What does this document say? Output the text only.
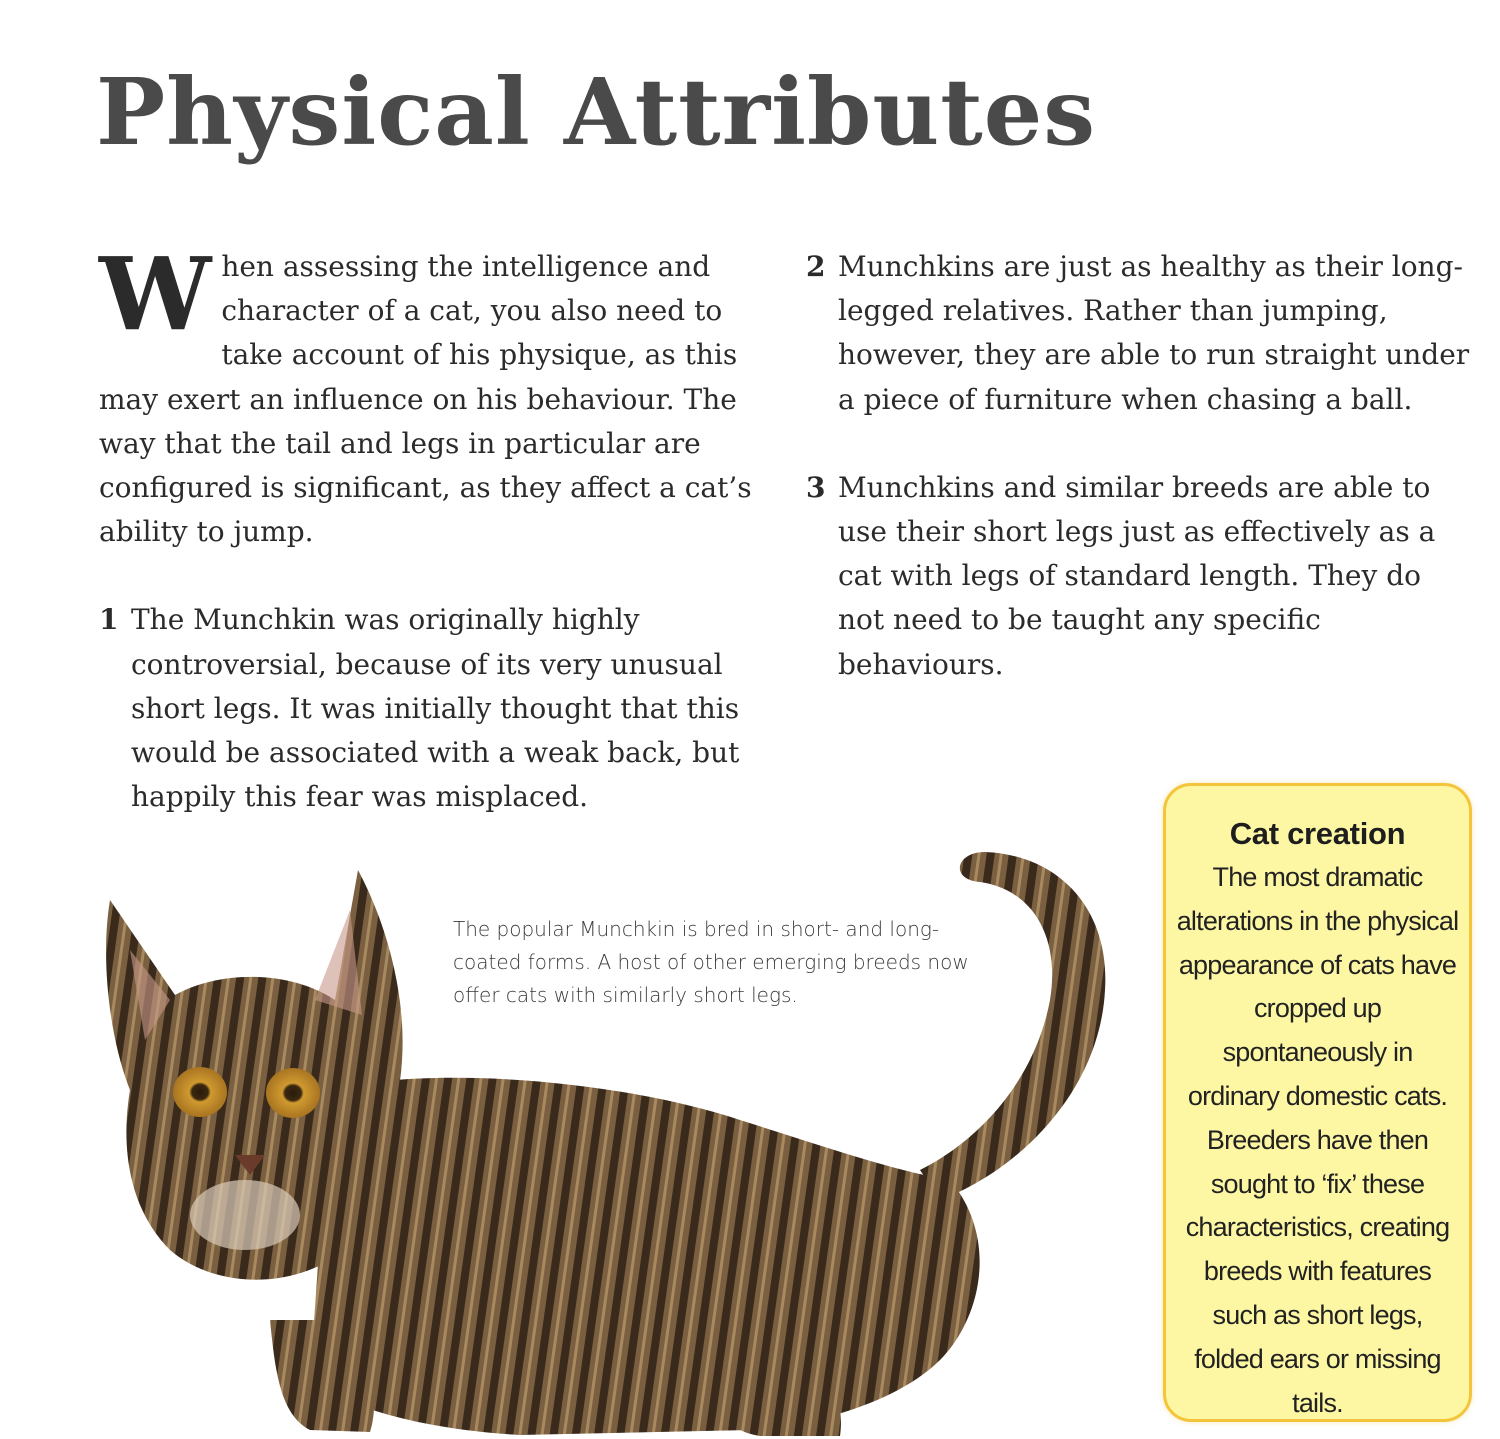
Physical Attributes

W hen assessing the intelligence and character of a cat, you also need to take account of his physique, as this may exert an influence on his behaviour. The way that the tail and legs in particular are configured is significant, as they affect a cat’s ability to jump.

1 The Munchkin was originally highly controversial, because of its very unusual short legs. It was initially thought that this would be associated with a weak back, but happily this fear was misplaced.
2 Munchkins are just as healthy as their long-legged relatives. Rather than jumping, however, they are able to run straight under a piece of furniture when chasing a ball.
3 Munchkins and similar breeds are able to use their short legs just as effectively as a cat with legs of standard length. They do not need to be taught any specific behaviours.
The popular Munchkin is bred in short- and long-coated forms. A host of other emerging breeds now offer cats with similarly short legs.
Cat creation

The most dramatic alterations in the physical appearance of cats have cropped up spontaneously in ordinary domestic cats. Breeders have then sought to ‘fix’ these characteristics, creating breeds with features such as short legs, folded ears or missing tails.
